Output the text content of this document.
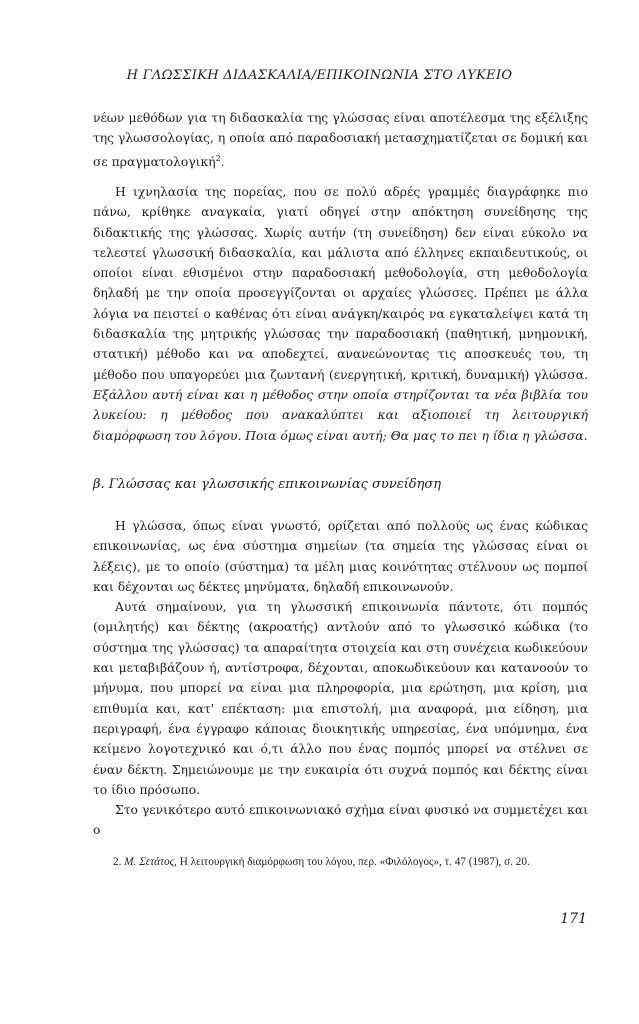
Η ΓΛΩΣΣΙΚΗ ΔΙΔΑΣΚΑΛΙΑ/ΕΠΙΚΟΙΝΩΝΙΑ ΣΤΟ ΛΥΚΕΙΟ

νέων μεθόδων για τη διδασκαλία της γλώσσας είναι αποτέλεσμα της εξέλιξης της γλωσσολογίας, η οποία από παραδοσιακή μετασχηματίζεται σε δομική και σε πραγματολογική$^2$.

Η ιχνηλασία της πορείας, που σε πολύ αδρές γραμμές διαγράφηκε πιο πάνω, κρίθηκε αναγκαία, γιατί οδηγεί στην απόκτηση συνείδησης της διδακτικής της γλώσσας. Χωρίς αυτήν (τη συνείδηση) δεν είναι εύκολο να τελεστεί γλωσσική διδασκαλία, και μάλιστα από έλληνες εκπαιδευτικούς, οι οποίοι είναι εθισμένοι στην παραδοσιακή μεθοδολογία, στη μεθοδολογία δηλαδή με την οποία προσεγγίζονται οι αρχαίες γλώσσες. Πρέπει με άλλα λόγια να πειστεί ο καθένας ότι είναι ανάγκη/καιρός να εγκαταλείψει κατά τη διδασκαλία της μητρικής γλώσσας την παραδοσιακή (παθητική, μνημονική, στατική) μέθοδο και να αποδεχτεί, ανανεώνοντας τις αποσκευές του, τη μέθοδο που υπαγορεύει μια ζωντανή (ενεργητική, κριτική, δυναμική) γλώσσα. Εξάλλου αυτή είναι και η μέθοδος στην οποία στηρίζονται τα νέα βιβλία του λυκείου: η μέθοδος που ανακαλύπτει και αξιοποιεί τη λειτουργική διαμόρφωση του λόγου. Ποια όμως είναι αυτή; Θα μας το πει η ίδια η γλώσσα.

β. Γλώσσας και γλωσσικής επικοινωνίας συνείδηση

Η γλώσσα, όπως είναι γνωστό, ορίζεται από πολλούς ως ένας κώδικας επικοινωνίας, ως ένα σύστημα σημείων (τα σημεία της γλώσσας είναι οι λέξεις), με το οποίο (σύστημα) τα μέλη μιας κοινότητας στέλνουν ως πομποί και δέχονται ως δέκτες μηνύματα, δηλαδή επικοινωνούν.

Αυτά σημαίνουν, για τη γλωσσική επικοινωνία πάντοτε, ότι πομπός (ομιλητής) και δέκτης (ακροατής) αντλούν από το γλωσσικό κώδικα (το σύστημα της γλώσσας) τα απαραίτητα στοιχεία και στη συνέχεια κωδικεύουν και μεταβιβάζουν ή, αντίστροφα, δέχονται, αποκωδικεύουν και κατανοούν το μήνυμα, που μπορεί να είναι μια πληροφορία, μια ερώτηση, μια κρίση, μια επιθυμία και, κατ' επέκταση: μια επιστολή, μια αναφορά, μια είδηση, μια περιγραφή, ένα έγγραφο κάποιας διοικητικής υπηρεσίας, ένα υπόμνημα, ένα κείμενο λογοτεχνικό και ό,τι άλλο που ένας πομπός μπορεί να στέλνει σε έναν δέκτη. Σημειώνουμε με την ευκαιρία ότι συχνά πομπός και δέκτης είναι το ίδιο πρόσωπο.

Στο γενικότερο αυτό επικοινωνιακό σχήμα είναι φυσικό να συμμετέχει και ο

2. Μ. Σετάτος, Η λειτουργική διαμόρφωση του λόγου, περ. «Φιλόλογος», τ. 47 (1987), σ. 20.
171
